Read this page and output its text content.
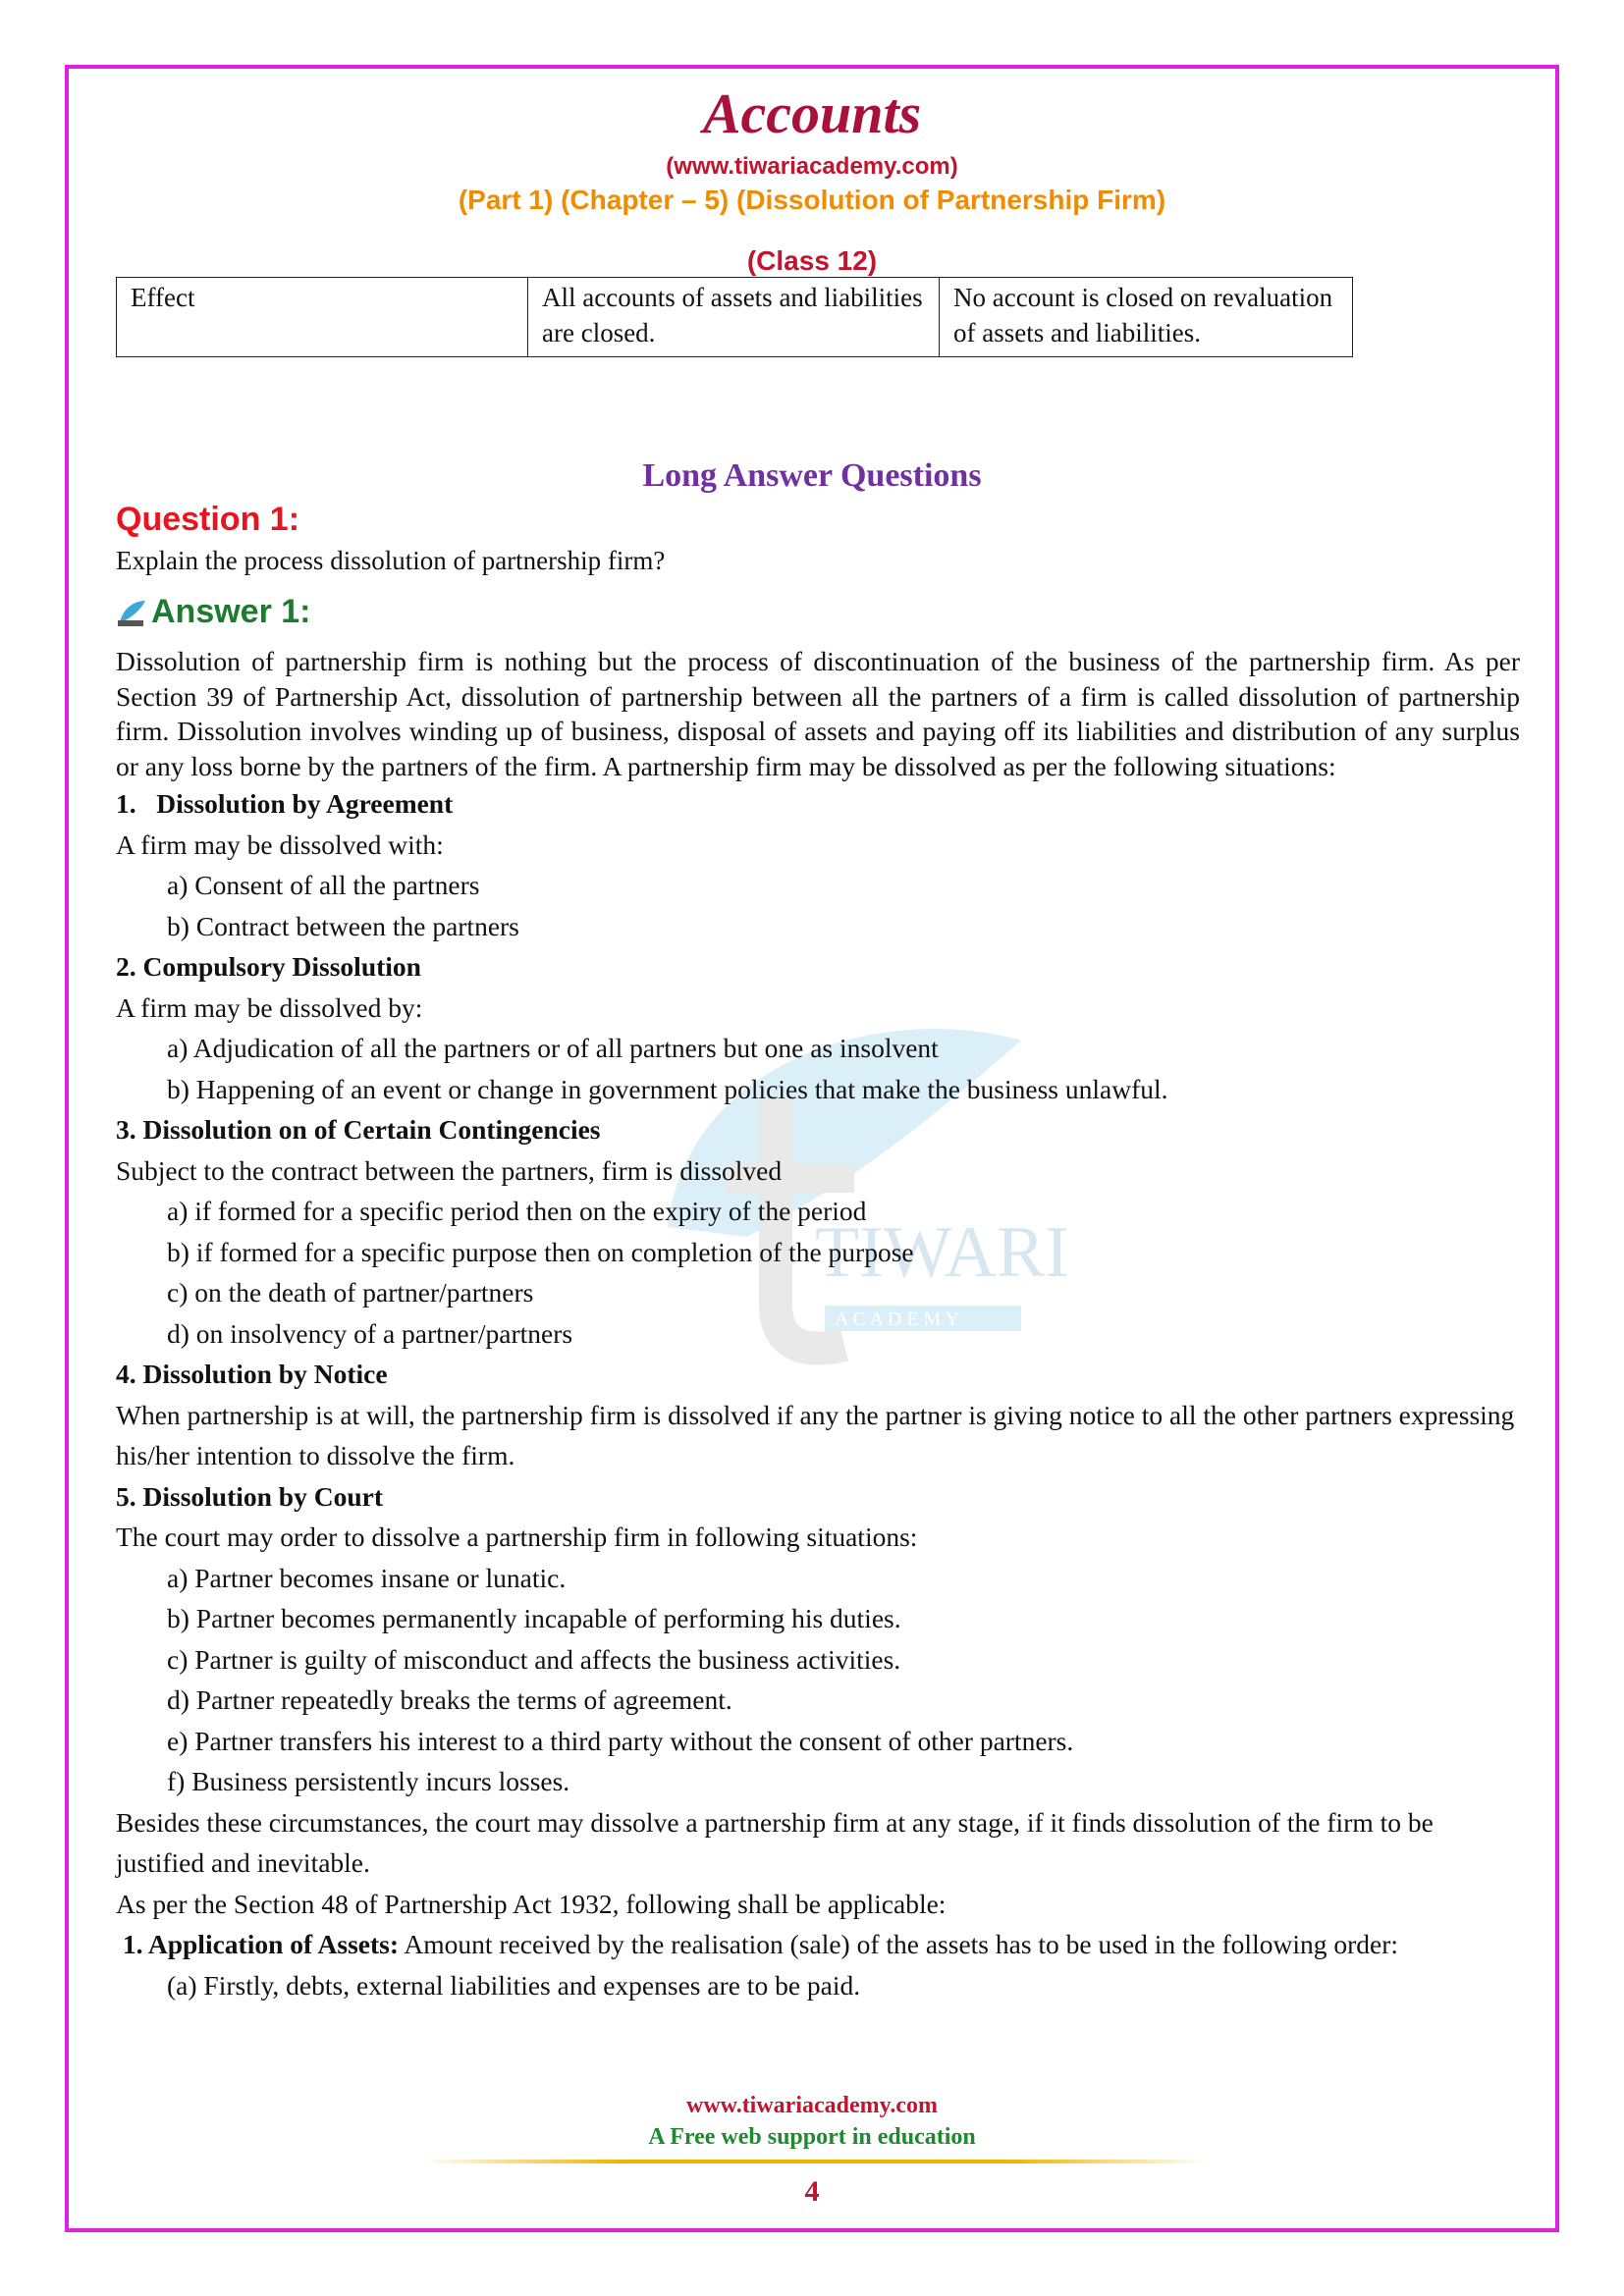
TIWARI
A C A D E M Y
Accounts
(www.tiwariacademy.com)
(Part 1) (Chapter – 5) (Dissolution of Partnership Firm)
(Class 12)
Effect	All accounts of assets and liabilities are closed.	No account is closed on revaluation of assets and liabilities.
Long Answer Questions
Question 1:
Explain the process dissolution of partnership firm?
Answer 1:

Dissolution of partnership firm is nothing but the process of discontinuation of the business of the partnership firm. As per Section 39 of Partnership Act, dissolution of partnership between all the partners of a firm is called dissolution of partnership firm. Dissolution involves winding up of business, disposal of assets and paying off its liabilities and distribution of any surplus or any loss borne by the partners of the firm. A partnership firm may be dissolved as per the following situations:

1.   Dissolution by Agreement

A firm may be dissolved with:

a) Consent of all the partners

b) Contract between the partners

2. Compulsory Dissolution

A firm may be dissolved by:

a) Adjudication of all the partners or of all partners but one as insolvent

b) Happening of an event or change in government policies that make the business unlawful.

3. Dissolution on of Certain Contingencies

Subject to the contract between the partners, firm is dissolved

a) if formed for a specific period then on the expiry of the period

b) if formed for a specific purpose then on completion of the purpose

c) on the death of partner/partners

d) on insolvency of a partner/partners

4. Dissolution by Notice

When partnership is at will, the partnership firm is dissolved if any the partner is giving notice to all the other partners expressing his/her intention to dissolve the firm.

5. Dissolution by Court

The court may order to dissolve a partnership firm in following situations:

a) Partner becomes insane or lunatic.

b) Partner becomes permanently incapable of performing his duties.

c) Partner is guilty of misconduct and affects the business activities.

d) Partner repeatedly breaks the terms of agreement.

e) Partner transfers his interest to a third party without the consent of other partners.

f) Business persistently incurs losses.

Besides these circumstances, the court may dissolve a partnership firm at any stage, if it finds dissolution of the firm to be justified and inevitable.

As per the Section 48 of Partnership Act 1932, following shall be applicable:

1. Application of Assets: Amount received by the realisation (sale) of the assets has to be used in the following order:

(a) Firstly, debts, external liabilities and expenses are to be paid.

www.tiwariacademy.com
A Free web support in education
4
